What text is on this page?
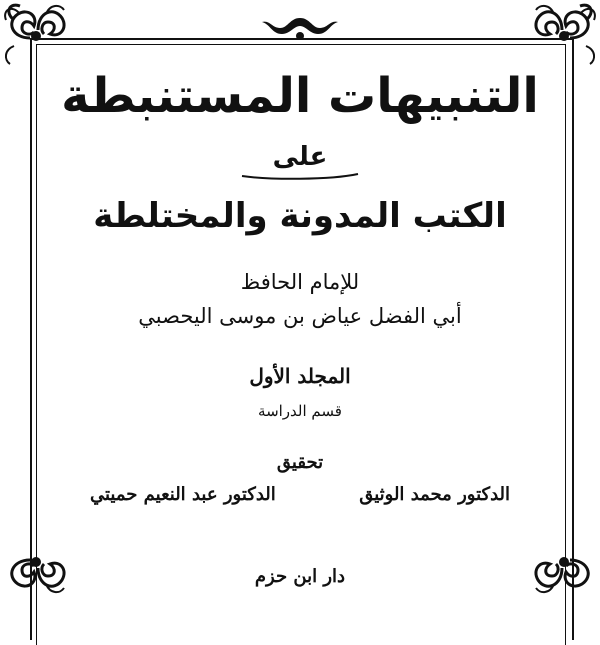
التنبيهات المستنبطة
على
الكتب المدونة والمختلطة
للإمام الحافظ
أبي الفضل عياض بن موسى اليحصبي
المجلد الأول
قسم الدراسة
تحقيق
الدكتور محمد الوثيق
الدكتور عبد النعيم حميتي
دار ابن حزم
